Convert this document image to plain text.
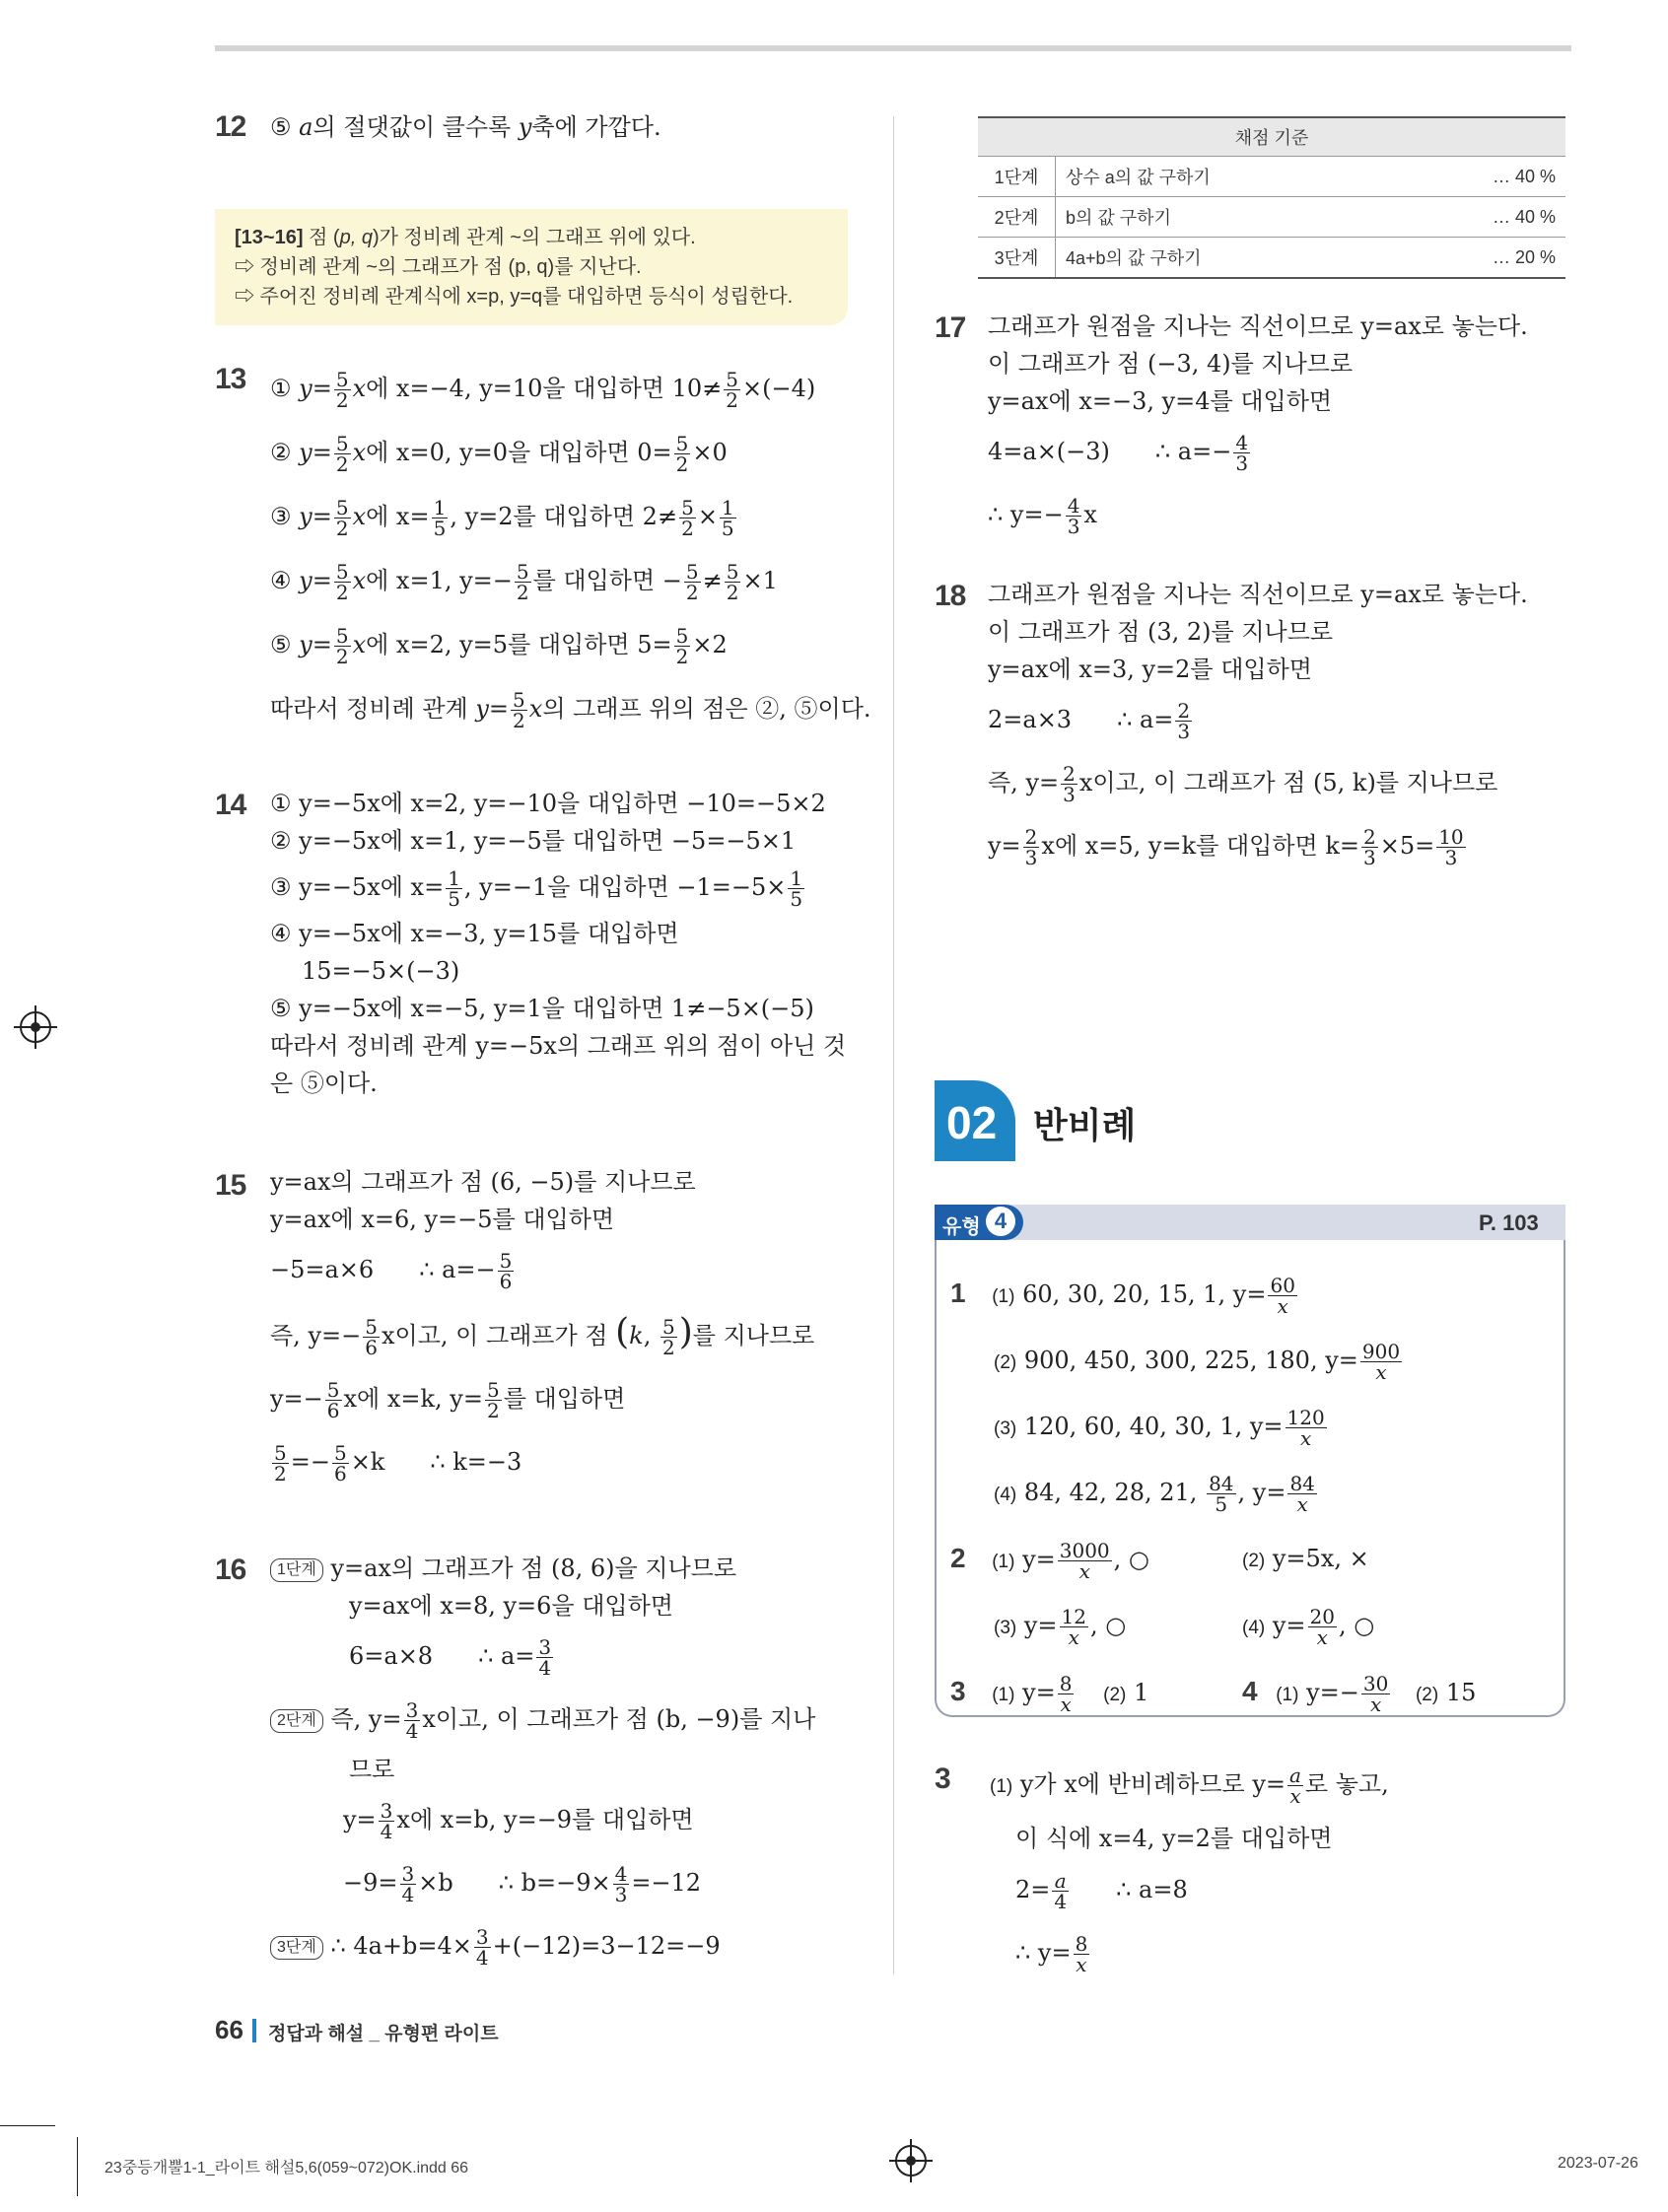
12 ⑤ a의 절댓값이 클수록 y축에 가깝다.
[13~16] 점 (p, q)가 정비례 관계 ~의 그래프 위에 있다.
⇨ 정비례 관계 ~의 그래프가 점 (p, q)를 지난다.
⇨ 주어진 정비례 관계식에 x=p, y=q를 대입하면 등식이 성립한다.
13 ① $y= \frac{5}{2}$ x에 x=−4, y=10을 대입하면 $10\ne \frac{5}{2} \times(-4)$
② $y= \frac{5}{2}$ x에 x=0, y=0을 대입하면 $0= \frac{5}{2} \times 0$
③ $y= \frac{5}{2}$ x에 $x= \frac{1}{5}$ , y=2를 대입하면 $2\ne \frac{5}{2} \times \frac{1}{5}$
④ $y= \frac{5}{2}$ x에 x=1, $y=- \frac{5}{2}$ 를 대입하면 − $\frac{5}{2} \ne \frac{5}{2} \times 1$
⑤ $y= \frac{5}{2}$ x에 x=2, y=5를 대입하면 $5= \frac{5}{2} \times 2$
따라서 정비례 관계 $y= \frac{5}{2}$ x의 그래프 위의 점은 ②, ⑤이다.
14 ① y=−5x에 x=2, y=−10을 대입하면 −10=−5×2
② y=−5x에 x=1, y=−5를 대입하면 −5=−5×1
③ y=−5x에 $x= \frac{1}{5}$ , y=−1을 대입하면 $-1=-5\times \frac{1}{5}$
④ y=−5x에 x=−3, y=15를 대입하면
15=−5×(−3)
⑤ y=−5x에 x=−5, y=1을 대입하면 1≠−5×(−5)
따라서 정비례 관계 y=−5x의 그래프 위의 점이 아닌 것
은 ⑤이다.
15 y=ax의 그래프가 점 (6, −5)를 지나므로
y=ax에 x=6, y=−5를 대입하면
−5=a×6 ∴ $a=- \frac{5}{6}$
즉, $y=- \frac{5}{6}$ x이고, 이 그래프가 점 (k, $\frac{5}{2}$ )를 지나므로
$y=- \frac{5}{6}$ x에 x=k, $y= \frac{5}{2}$ 를 대입하면
$\frac{5}{2} =- \frac{5}{6} \times k$ ∴ k=−3
16	1단계 y=ax의 그래프가 점 (8, 6)을 지나므로
y=ax에 x=8, y=6을 대입하면
6=a×8 ∴ $a= \frac{3}{4}$
2단계 즉, $y= \frac{3}{4}$ x이고, 이 그래프가 점 (b, −9)를 지나
므로
$y= \frac{3}{4}$ x에 x=b, y=−9를 대입하면
$-9= \frac{3}{4} \times b$ ∴ $b=-9\times \frac{4}{3} =-12$
3단계 ∴ $4a+b=4\times \frac{3}{4} +(-12)=3-12=-9$
채점 기준		
1단계	상수 a의 값 구하기	… 40 %
2단계	b의 값 구하기	… 40 %
3단계	4a+b의 값 구하기	… 20 %
17 그래프가 원점을 지나는 직선이므로 y=ax로 놓는다.
이 그래프가 점 (−3, 4)를 지나므로
y=ax에 x=−3, y=4를 대입하면
4=a×(−3) ∴ $a=- \frac{4}{3}$
∴ $y=- \frac{4}{3}$ x
18 그래프가 원점을 지나는 직선이므로 y=ax로 놓는다.
이 그래프가 점 (3, 2)를 지나므로
y=ax에 x=3, y=2를 대입하면
2=a×3 ∴ $a= \frac{2}{3}$
즉, $y= \frac{2}{3}$ x이고, 이 그래프가 점 (5, k)를 지나므로
$y= \frac{2}{3}$ x에 x=5, y=k를 대입하면 $k= \frac{2}{3} \times 5= \frac{10}{3}$
02 반비례
유형 4	P. 103
1 (1) 60, 30, 20, 15, 1, $y= \frac{60}{x}$
(2) 900, 450, 300, 225, 180, $y= \frac{900}{x}$
(3) 120, 60, 40, 30, 1, $y= \frac{120}{x}$
(4) 84, 42, 28, 21, $\frac{84}{5}$ , $y= \frac{84}{x}$
2 (1) $y= \frac{3000}{x}$ , ○	(2) y=5x, ×
(3) $y= \frac{12}{x}$ , ○	(4) $y= \frac{20}{x}$ , ○
3 (1) $y= \frac{8}{x} (2)$ 1	4 (1) $y=- \frac{30}{x} (2)$ 15
3 (1) y가 x에 반비례하므로 $y= \frac{a}{x}$ 로 놓고,
이 식에 x=4, y=2를 대입하면
$2= \frac{a}{4}$ ∴ a=8
∴ $y= \frac{8}{x}$
66 정답과 해설 _ 유형편 라이트
23중등개뿔1-1_라이트 해설5,6(059~072)OK.indd 66	2023-07-26
